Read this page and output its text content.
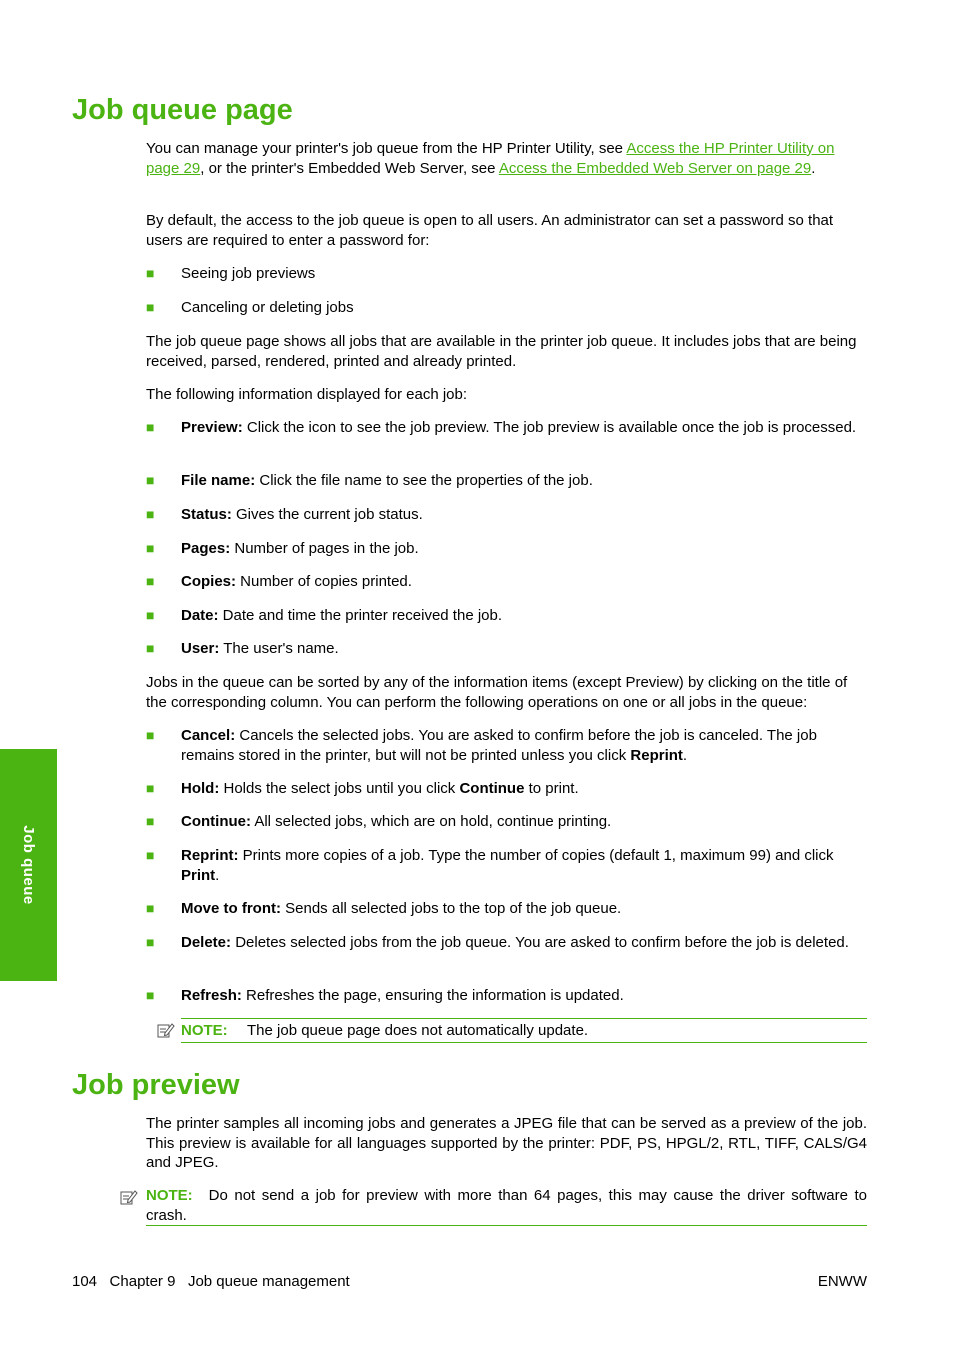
Job queue
Job queue page

You can manage your printer's job queue from the HP Printer Utility, see Access the HP Printer Utility on page 29, or the printer's Embedded Web Server, see Access the Embedded Web Server on page 29.

By default, the access to the job queue is open to all users. An administrator can set a password so that users are required to enter a password for:

■ Seeing job previews
■ Canceling or deleting jobs

The job queue page shows all jobs that are available in the printer job queue. It includes jobs that are being received, parsed, rendered, printed and already printed.

The following information displayed for each job:

■ Preview: Click the icon to see the job preview. The job preview is available once the job is processed.
■ File name: Click the file name to see the properties of the job.
■ Status: Gives the current job status.
■ Pages: Number of pages in the job.
■ Copies: Number of copies printed.
■ Date: Date and time the printer received the job.
■ User: The user's name.

Jobs in the queue can be sorted by any of the information items (except Preview) by clicking on the title of the corresponding column. You can perform the following operations on one or all jobs in the queue:

■ Cancel: Cancels the selected jobs. You are asked to confirm before the job is canceled. The job remains stored in the printer, but will not be printed unless you click Reprint.
■ Hold: Holds the select jobs until you click Continue to print.
■ Continue: All selected jobs, which are on hold, continue printing.
■ Reprint: Prints more copies of a job. Type the number of copies (default 1, maximum 99) and click Print.
■ Move to front: Sends all selected jobs to the top of the job queue.
■ Delete: Deletes selected jobs from the job queue. You are asked to confirm before the job is deleted.
■ Refresh: Refreshes the page, ensuring the information is updated.
NOTE: The job queue page does not automatically update.
Job preview

The printer samples all incoming jobs and generates a JPEG file that can be served as a preview of the job. This preview is available for all languages supported by the printer: PDF, PS, HPGL/2, RTL, TIFF, CALS/G4 and JPEG.

NOTE: Do not send a job for preview with more than 64 pages, this may cause the driver software to crash.
104 Chapter 9 Job queue management	ENWW
